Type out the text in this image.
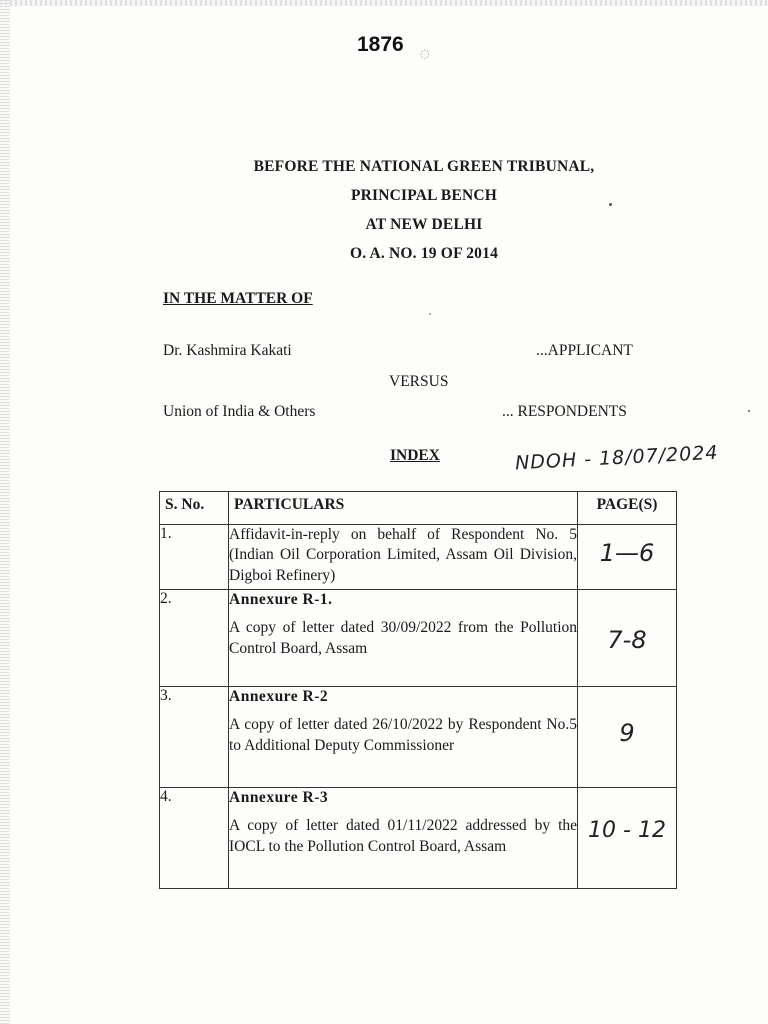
1876 ◌
BEFORE THE NATIONAL GREEN TRIBUNAL,
PRINCIPAL BENCH
AT NEW DELHI
O. A. NO. 19 OF 2014
IN THE MATTER OF
Dr. Kashmira Kakati	...APPLICANT
VERSUS
Union of India & Others	... RESPONDENTS
INDEX	NDOH - 18/07/2024
S. No.	PARTICULARS	PAGE(S)
1.	Affidavit-in-reply on behalf of Respondent No. 5 (Indian Oil Corporation Limited, Assam Oil Division, Digboi Refinery)	1—6

2.	Annexure R-1.
A copy of letter dated 30/09/2022 from the Pollution Control Board, Assam	7-8

3.	Annexure R-2
A copy of letter dated 26/10/2022 by Respondent No.5 to Additional Deputy Commissioner	9

4.	Annexure R-3
A copy of letter dated 01/11/2022 addressed by the IOCL to the Pollution Control Board, Assam	10 - 12
